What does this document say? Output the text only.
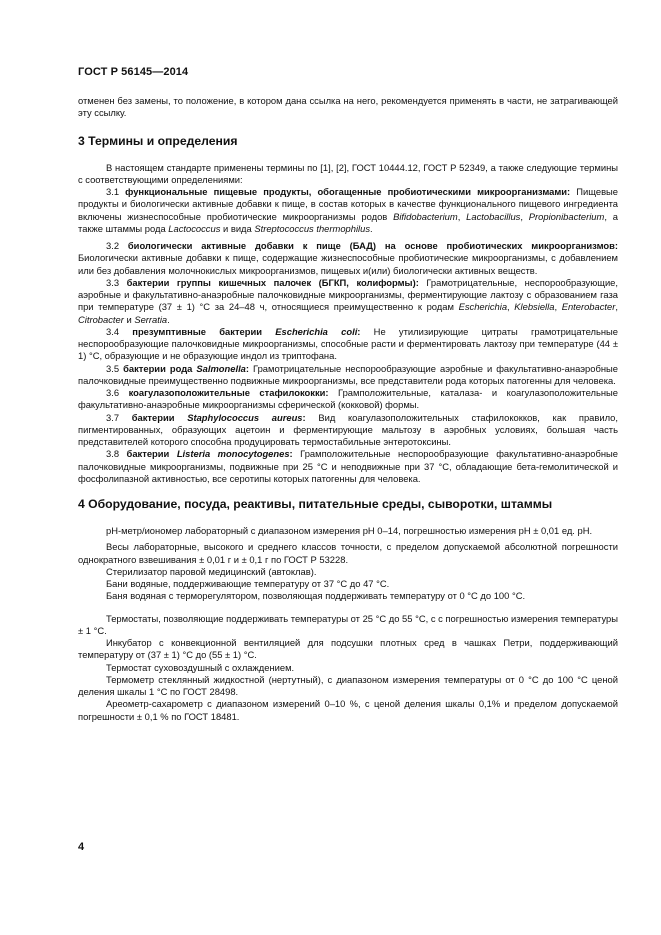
ГОСТ Р 56145—2014

отменен без замены, то положение, в котором дана ссылка на него, рекомендуется применять в части, не затрагивающей эту ссылку.

3 Термины и определения

В настоящем стандарте применены термины по [1], [2], ГОСТ 10444.12, ГОСТ Р 52349, а также следующие термины с соответствующими определениями:

3.1 функциональные пищевые продукты, обогащенные пробиотическими микроорганизмами: Пищевые продукты и биологически активные добавки к пище, в состав которых в качестве функционального пищевого ингредиента включены жизнеспособные пробиотические микроорганизмы родов Bifidobacterium, Lactobacillus, Propionibacterium, а также штаммы рода Lactococcus и вида Streptococcus thermophilus.

3.2 биологически активные добавки к пище (БАД) на основе пробиотических микроорганизмов: Биологически активные добавки к пище, содержащие жизнеспособные пробиотические микроорганизмы, с добавлением или без добавления молочнокислых микроорганизмов, пищевых и(или) биологически активных веществ.

3.3 бактерии группы кишечных палочек (БГКП, колиформы): Грамотрицательные, неспорообразующие, аэробные и факультативно-анаэробные палочковидные микроорганизмы, ферментирующие лактозу с образованием газа при температуре (37 ± 1) °С за 24–48 ч, относящиеся преимущественно к родам Escherichia, Klebsiella, Enterobacter, Citrobacter и Serratia.

3.4 презумптивные бактерии Escherichia coli: Не утилизирующие цитраты грамотрицательные неспорообразующие палочковидные микроорганизмы, способные расти и ферментировать лактозу при температуре (44 ± 1) °С, образующие и не образующие индол из триптофана.

3.5 бактерии рода Salmonella: Грамотрицательные неспорообразующие аэробные и факультативно-анаэробные палочковидные преимущественно подвижные микроорганизмы, все представители рода которых патогенны для человека.

3.6 коагулазоположительные стафилококки: Грамположительные, каталаза- и коагулазоположительные факультативно-анаэробные микроорганизмы сферической (кокковой) формы.

3.7 бактерии Staphylococcus aureus: Вид коагулазоположительных стафилококков, как правило, пигментированных, образующих ацетоин и ферментирующие мальтозу в аэробных условиях, большая часть представителей которого способна продуцировать термостабильные энтеротоксины.

3.8 бактерии Listeria monocytogenes: Грамположительные неспорообразующие факультативно-анаэробные палочковидные микроорганизмы, подвижные при 25 °С и неподвижные при 37 °С, обладающие бета-гемолитической и фосфолипазной активностью, все серотипы которых патогенны для человека.

4 Оборудование, посуда, реактивы, питательные среды, сыворотки, штаммы

pH-метр/иономер лабораторный с диапазоном измерения рН 0–14, погрешностью измерения рН ± 0,01 ед. рН.

Весы лабораторные, высокого и среднего классов точности, с пределом допускаемой абсолютной погрешности однократного взвешивания ± 0,01 г и ± 0,1 г по ГОСТ Р 53228.

Стерилизатор паровой медицинский (автоклав).

Бани водяные, поддерживающие температуру от 37 °С до 47 °С.

Баня водяная с терморегулятором, позволяющая поддерживать температуру от 0 °С до 100 °С.

Термостаты, позволяющие поддерживать температуры от 25 °С до 55 °С, с с погрешностью измерения температуры ± 1 °С.

Инкубатор с конвекционной вентиляцией для подсушки плотных сред в чашках Петри, поддерживающий температуру от (37 ± 1) °С до (55 ± 1) °С.

Термостат суховоздушный с охлаждением.

Термометр стеклянный жидкостной (нертутный), с диапазоном измерения температуры от 0 °С до 100 °С ценой деления шкалы 1 °С по ГОСТ 28498.

Ареометр-сахарометр с диапазоном измерений 0–10 %, с ценой деления шкалы 0,1% и пределом допускаемой погрешности ± 0,1 % по ГОСТ 18481.

4
